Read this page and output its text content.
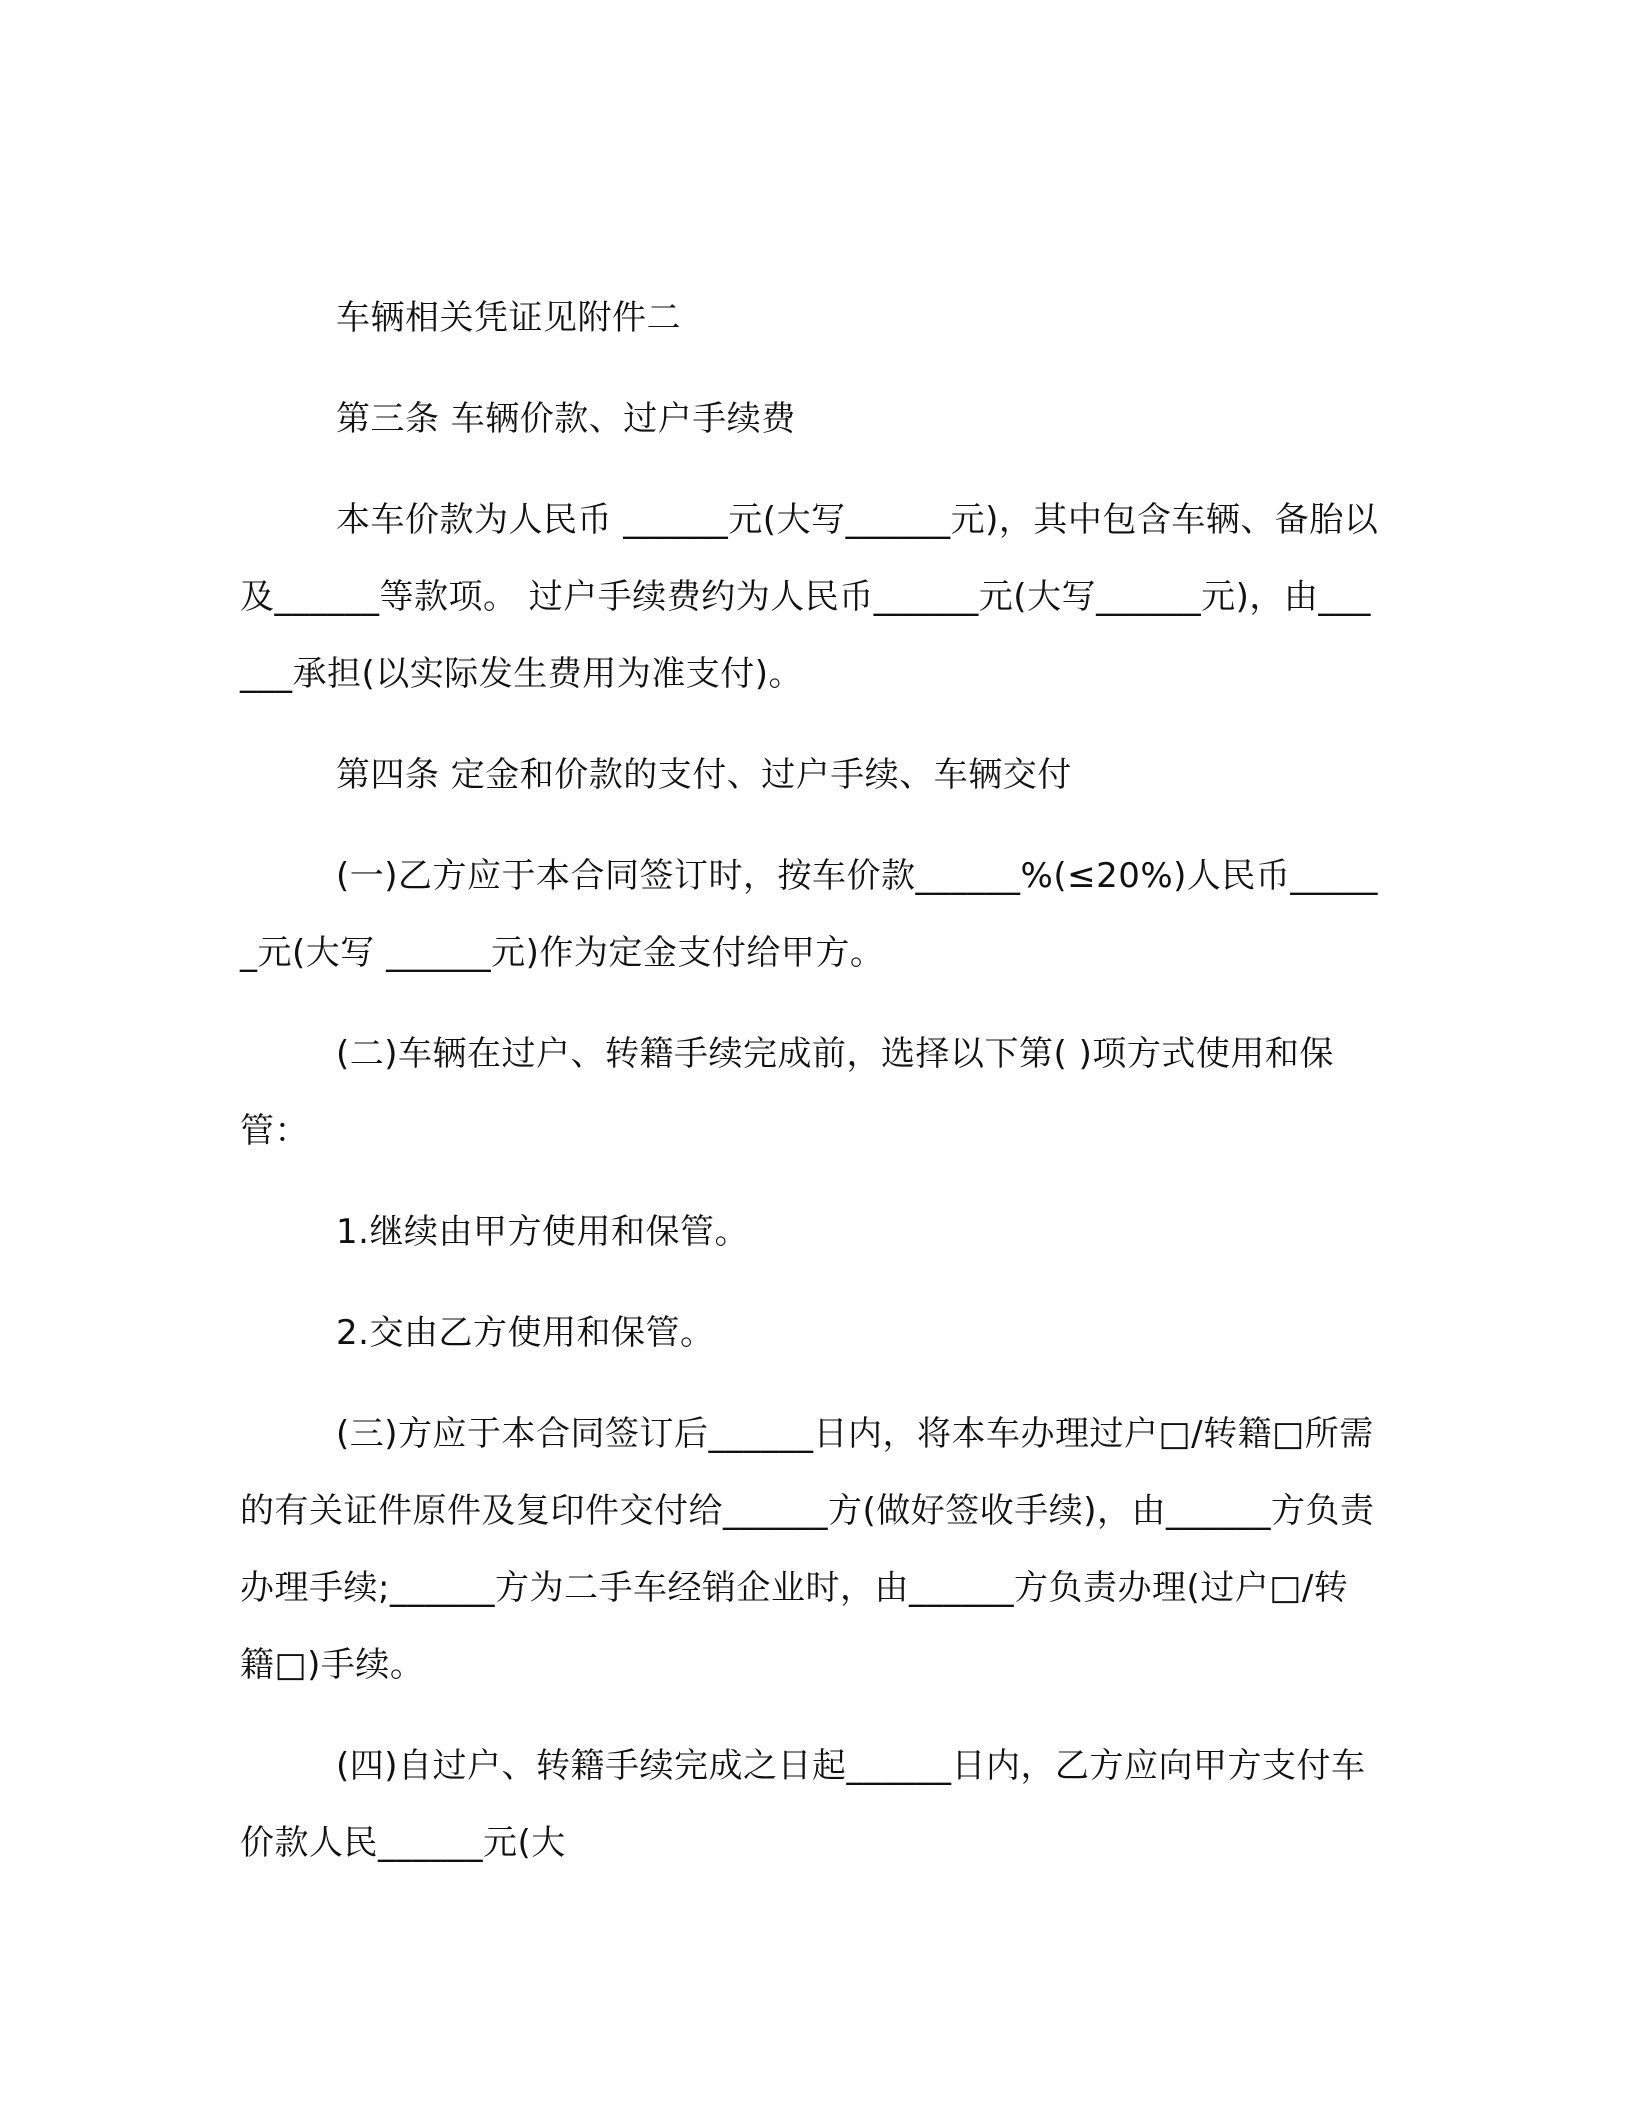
车辆相关凭证见附件二

第三条 车辆价款、过户手续费

本车价款为人民币 ______元(大写______元)，其中包含车辆、备胎以及______等款项。 过户手续费约为人民币______元(大写______元)，由______承担(以实际发生费用为准支付)。

第四条 定金和价款的支付、过户手续、车辆交付

(一)乙方应于本合同签订时，按车价款______%(≤20%)人民币______元(大写 ______元)作为定金支付给甲方。

(二)车辆在过户、转籍手续完成前，选择以下第( )项方式使用和保管：

1.继续由甲方使用和保管。

2.交由乙方使用和保管。

(三)方应于本合同签订后______日内，将本车办理过户□/转籍□所需的有关证件原件及复印件交付给______方(做好签收手续)，由______方负责办理手续;______方为二手车经销企业时，由______方负责办理(过户□/转籍□)手续。

(四)自过户、转籍手续完成之日起______日内，乙方应向甲方支付车价款人民______元(大
